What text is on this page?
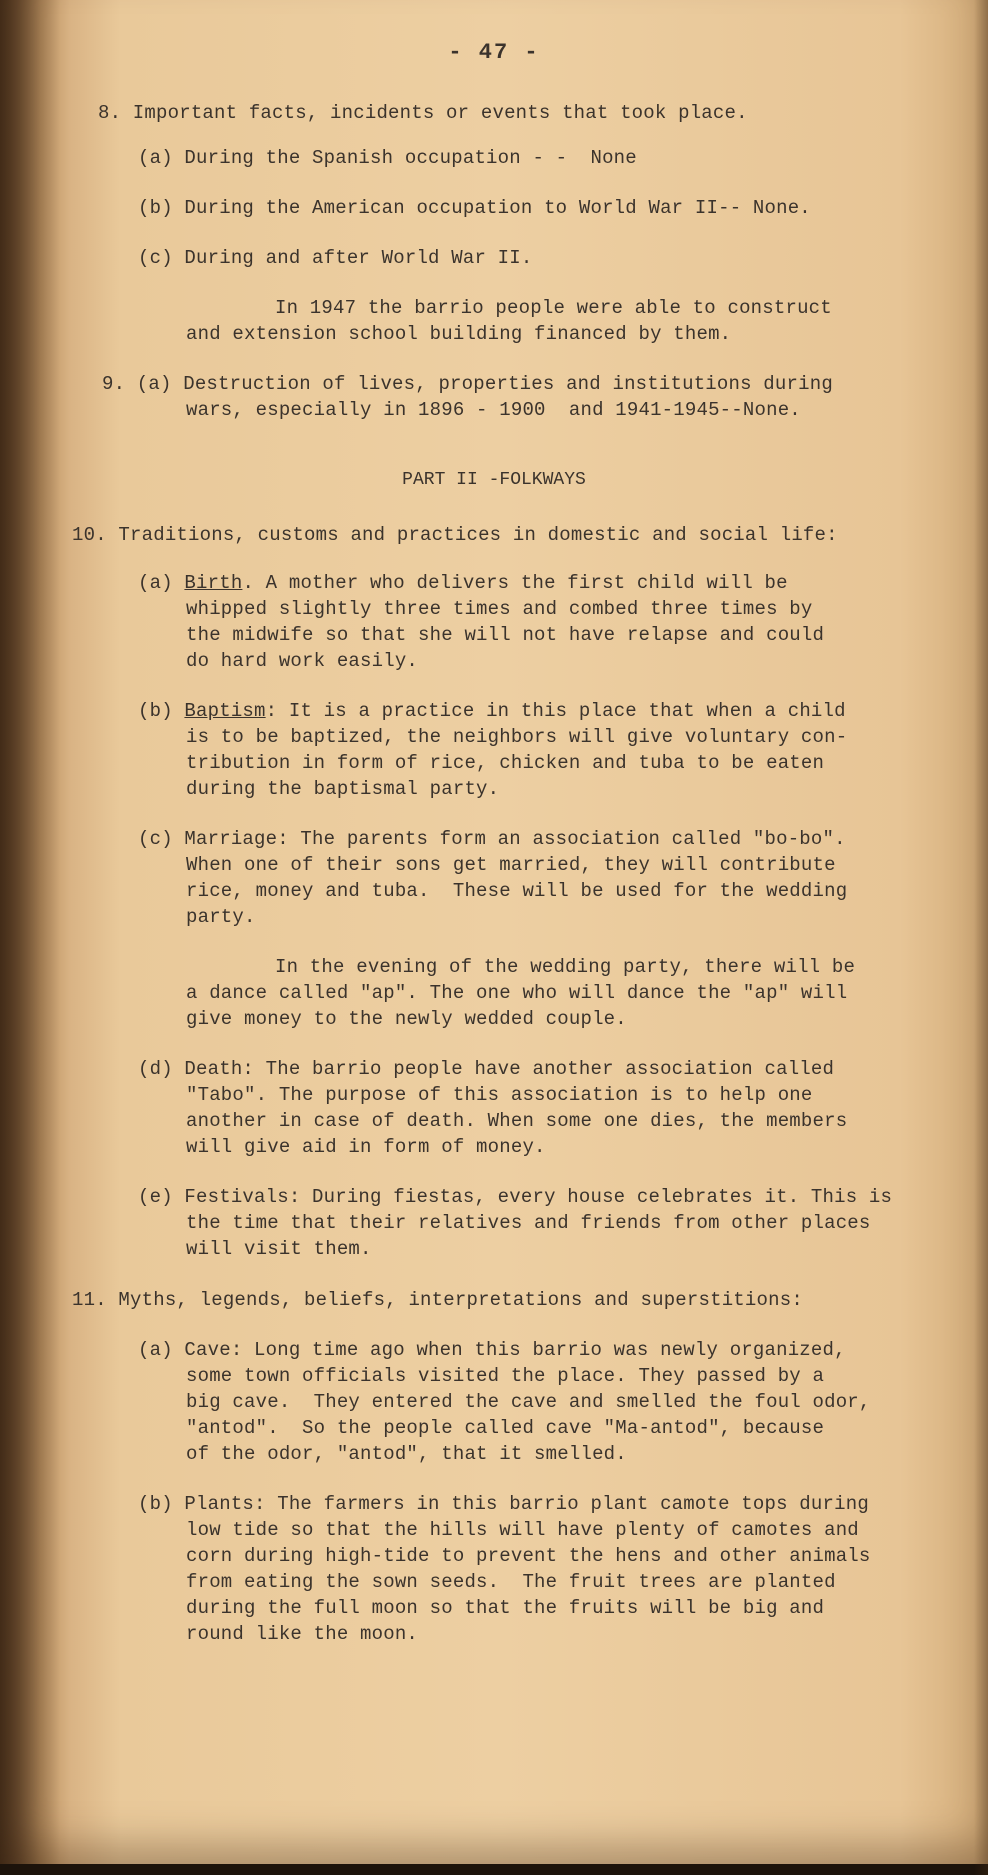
- 47 -
8. Important facts, incidents or events that took place.
(a) During the Spanish occupation - -  None
(b) During the American occupation to World War II-- None.
(c) During and after World War II.
In 1947 the barrio people were able to construct
and extension school building financed by them.
9. (a) Destruction of lives, properties and institutions during
wars, especially in 1896 - 1900  and 1941-1945--None.
PART II -FOLKWAYS
10. Traditions, customs and practices in domestic and social life:
(a) Birth. A mother who delivers the first child will be
whipped slightly three times and combed three times by
the midwife so that she will not have relapse and could
do hard work easily.
(b) Baptism: It is a practice in this place that when a child
is to be baptized, the neighbors will give voluntary con-
tribution in form of rice, chicken and tuba to be eaten
during the baptismal party.
(c) Marriage: The parents form an association called "bo-bo".
When one of their sons get married, they will contribute
rice, money and tuba.  These will be used for the wedding
party.
In the evening of the wedding party, there will be
a dance called "ap". The one who will dance the "ap" will
give money to the newly wedded couple.
(d) Death: The barrio people have another association called
"Tabo". The purpose of this association is to help one
another in case of death. When some one dies, the members
will give aid in form of money.
(e) Festivals: During fiestas, every house celebrates it. This is
the time that their relatives and friends from other places
will visit them.
11. Myths, legends, beliefs, interpretations and superstitions:
(a) Cave: Long time ago when this barrio was newly organized,
some town officials visited the place. They passed by a
big cave.  They entered the cave and smelled the foul odor,
"antod".  So the people called cave "Ma-antod", because
of the odor, "antod", that it smelled.
(b) Plants: The farmers in this barrio plant camote tops during
low tide so that the hills will have plenty of camotes and
corn during high-tide to prevent the hens and other animals
from eating the sown seeds.  The fruit trees are planted
during the full moon so that the fruits will be big and
round like the moon.
